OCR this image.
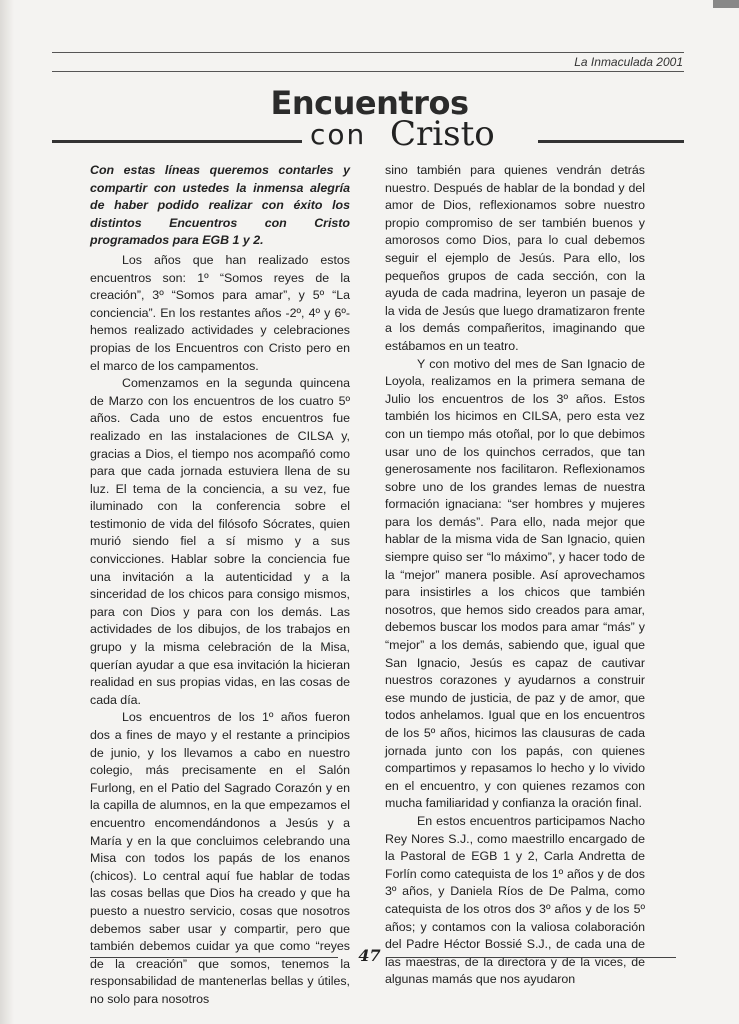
La Inmaculada 2001
Encuentros
con Cristo

Con estas líneas queremos contarles y compartir con ustedes la inmensa alegría de haber podido realizar con éxito los distintos Encuentros con Cristo programados para EGB 1 y 2.

Los años que han realizado estos encuentros son: 1º “Somos reyes de la creación”, 3º “Somos para amar”, y 5º “La conciencia”. En los restantes años -2º, 4º y 6º- hemos realizado actividades y celebraciones propias de los Encuentros con Cristo pero en el marco de los campamentos.

Comenzamos en la segunda quincena de Marzo con los encuentros de los cuatro 5º años. Cada uno de estos encuentros fue realizado en las instalaciones de CILSA y, gracias a Dios, el tiempo nos acompañó como para que cada jornada estuviera llena de su luz. El tema de la conciencia, a su vez, fue iluminado con la conferencia sobre el testimonio de vida del filósofo Sócrates, quien murió siendo fiel a sí mismo y a sus convicciones. Hablar sobre la conciencia fue una invitación a la autenticidad y a la sinceridad de los chicos para consigo mismos, para con Dios y para con los demás. Las actividades de los dibujos, de los trabajos en grupo y la misma celebración de la Misa, querían ayudar a que esa invitación la hicieran realidad en sus propias vidas, en las cosas de cada día.

Los encuentros de los 1º años fueron dos a fines de mayo y el restante a principios de junio, y los llevamos a cabo en nuestro colegio, más precisamente en el Salón Furlong, en el Patio del Sagrado Corazón y en la capilla de alumnos, en la que empezamos el encuentro encomendándonos a Jesús y a María y en la que concluimos celebrando una Misa con todos los papás de los enanos (chicos). Lo central aquí fue hablar de todas las cosas bellas que Dios ha creado y que ha puesto a nuestro servicio, cosas que nosotros debemos saber usar y compartir, pero que también debemos cuidar ya que como “reyes de la creación” que somos, tenemos la responsabilidad de mantenerlas bellas y útiles, no solo para nosotros

sino también para quienes vendrán detrás nuestro. Después de hablar de la bondad y del amor de Dios, reflexionamos sobre nuestro propio compromiso de ser también buenos y amorosos como Dios, para lo cual debemos seguir el ejemplo de Jesús. Para ello, los pequeños grupos de cada sección, con la ayuda de cada madrina, leyeron un pasaje de la vida de Jesús que luego dramatizaron frente a los demás compañeritos, imaginando que estábamos en un teatro.

Y con motivo del mes de San Ignacio de Loyola, realizamos en la primera semana de Julio los encuentros de los 3º años. Estos también los hicimos en CILSA, pero esta vez con un tiempo más otoñal, por lo que debimos usar uno de los quinchos cerrados, que tan generosamente nos facilitaron. Reflexionamos sobre uno de los grandes lemas de nuestra formación ignaciana: “ser hombres y mujeres para los demás”. Para ello, nada mejor que hablar de la misma vida de San Ignacio, quien siempre quiso ser “lo máximo”, y hacer todo de la “mejor” manera posible. Así aprovechamos para insistirles a los chicos que también nosotros, que hemos sido creados para amar, debemos buscar los modos para amar “más” y “mejor” a los demás, sabiendo que, igual que San Ignacio, Jesús es capaz de cautivar nuestros corazones y ayudarnos a construir ese mundo de justicia, de paz y de amor, que todos anhelamos. Igual que en los encuentros de los 5º años, hicimos las clausuras de cada jornada junto con los papás, con quienes compartimos y repasamos lo hecho y lo vivido en el encuentro, y con quienes rezamos con mucha familiaridad y confianza la oración final.

En estos encuentros participamos Nacho Rey Nores S.J., como maestrillo encargado de la Pastoral de EGB 1 y 2, Carla Andretta de Forlín como catequista de los 1º años y de dos 3º años, y Daniela Ríos de De Palma, como catequista de los otros dos 3º años y de los 5º años; y contamos con la valiosa colaboración del Padre Héctor Bossié S.J., de cada una de las maestras, de la directora y de la vices, de algunas mamás que nos ayudaron

47
